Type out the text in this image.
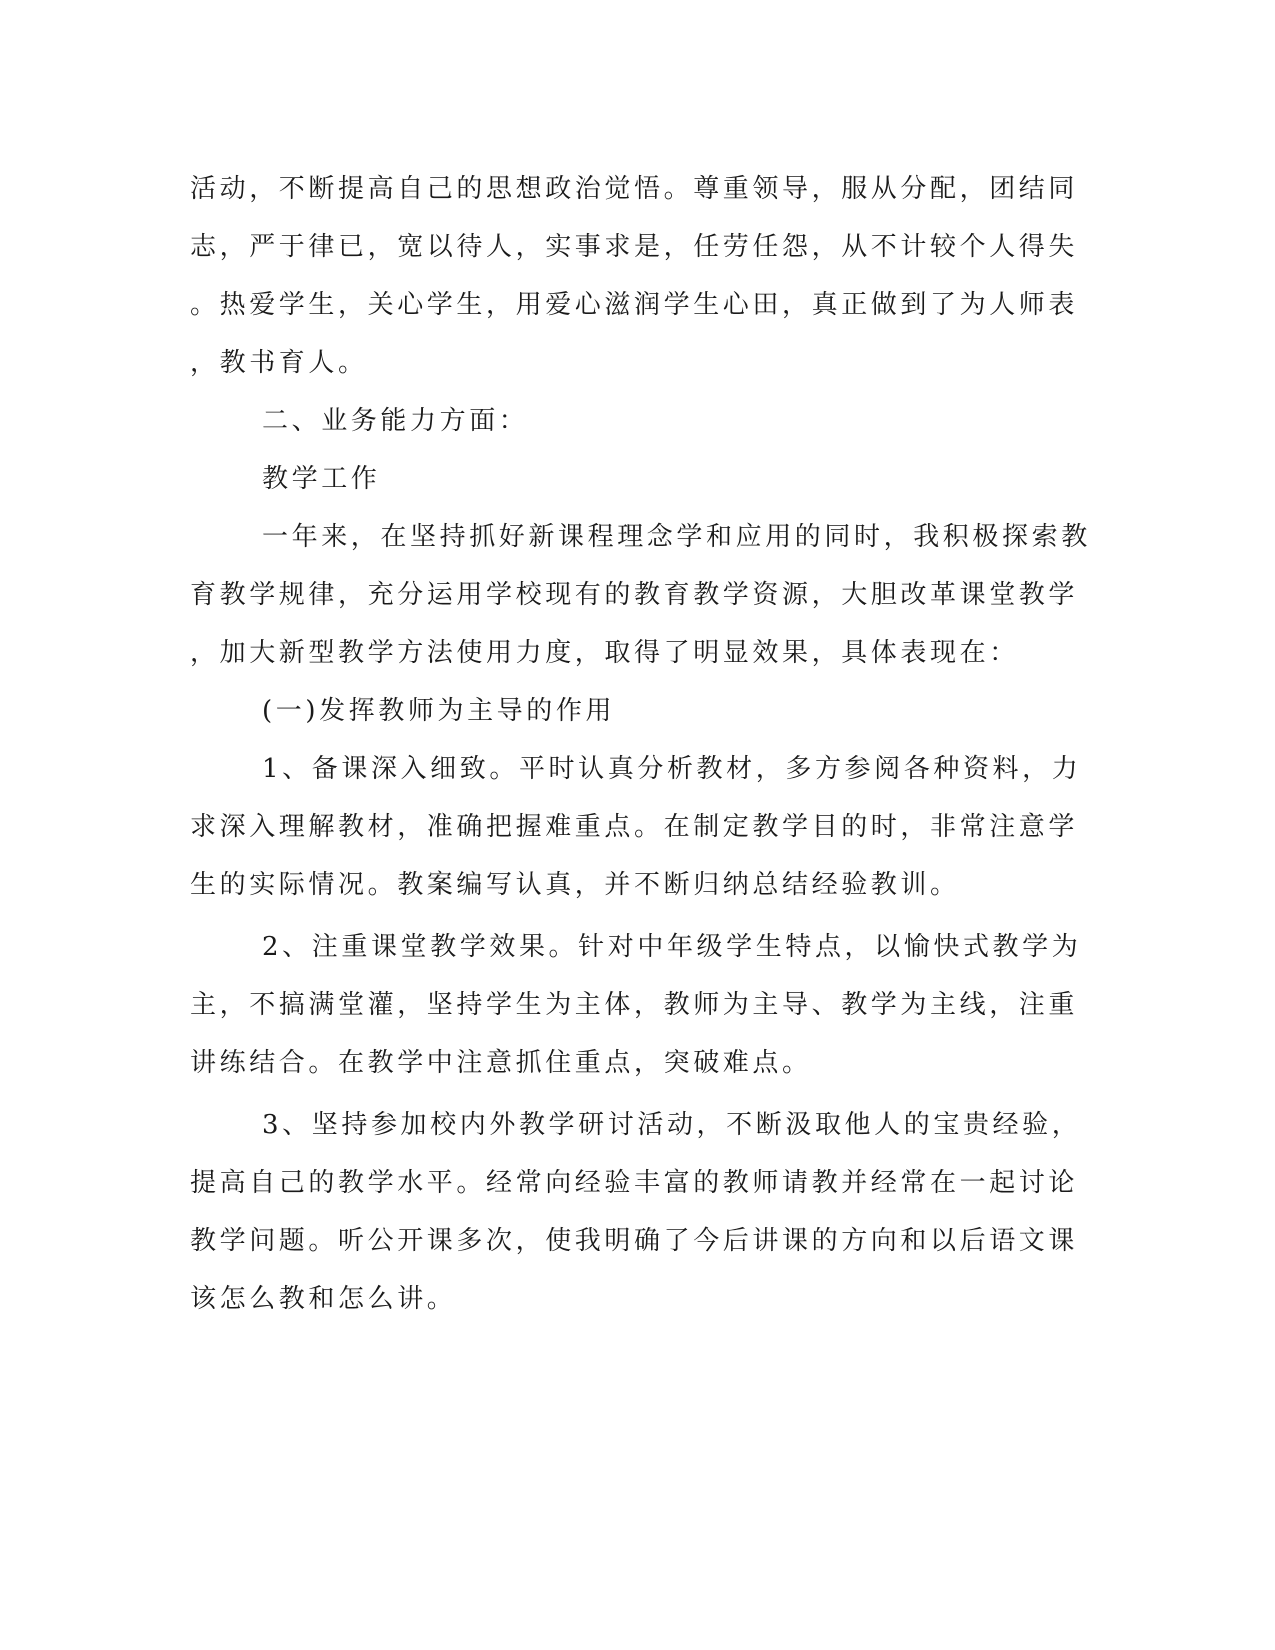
活动，不断提高自己的思想政治觉悟。尊重领导，服从分配，团结同
志，严于律已，宽以待人，实事求是，任劳任怨，从不计较个人得失
。热爱学生，关心学生，用爱心滋润学生心田，真正做到了为人师表
，教书育人。
二、业务能力方面：
教学工作
一年来，在坚持抓好新课程理念学和应用的同时，我积极探索教
育教学规律，充分运用学校现有的教育教学资源，大胆改革课堂教学
，加大新型教学方法使用力度，取得了明显效果，具体表现在：
(一)发挥教师为主导的作用
1、备课深入细致。平时认真分析教材，多方参阅各种资料，力
求深入理解教材，准确把握难重点。在制定教学目的时，非常注意学
生的实际情况。教案编写认真，并不断归纳总结经验教训。
2、注重课堂教学效果。针对中年级学生特点，以愉快式教学为
主，不搞满堂灌，坚持学生为主体，教师为主导、教学为主线，注重
讲练结合。在教学中注意抓住重点，突破难点。
3、坚持参加校内外教学研讨活动，不断汲取他人的宝贵经验，
提高自己的教学水平。经常向经验丰富的教师请教并经常在一起讨论
教学问题。听公开课多次，使我明确了今后讲课的方向和以后语文课
该怎么教和怎么讲。
